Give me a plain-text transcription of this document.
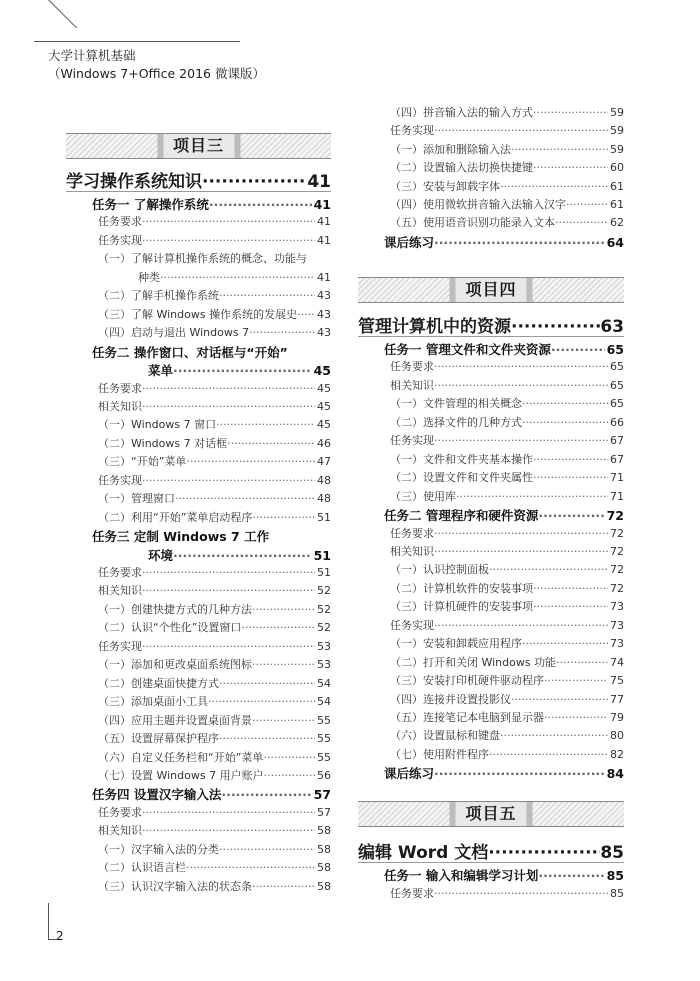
大学计算机基础
（Windows 7+Office 2016 微课版）
项目三
学习操作系统知识 ·····	41
任务一 了解操作系统 ·····	41
任务要求 ·····	41
任务实现 ·····	41
（一）了解计算机操作系统的概念、功能与
种类 ·····	41
（二）了解手机操作系统 ·····	43
（三）了解 Windows 操作系统的发展史 ····· 43
（四）启动与退出 Windows 7 ·····	43
任务二 操作窗口、对话框与“开始”
菜单 ·····	45
任务要求 ·····	45
相关知识 ·····	45
（一）Windows 7 窗口 ·····	45
（二）Windows 7 对话框 ·····	46
（三）“开始”菜单 ·····	47
任务实现 ·····	48
（一）管理窗口 ·····	48
（二）利用“开始”菜单启动程序 ·····	51
任务三 定制 Windows 7 工作
环境 ·····	51
任务要求 ·····	51
相关知识 ·····	52
（一）创建快捷方式的几种方法 ·····	52
（二）认识“个性化”设置窗口 ·····	52
任务实现 ·····	53
（一）添加和更改桌面系统图标 ·····	53
（二）创建桌面快捷方式 ·····	54
（三）添加桌面小工具 ·····	54
（四）应用主题并设置桌面背景 ·····	55
（五）设置屏幕保护程序 ·····	55
（六）自定义任务栏和“开始”菜单 ·····	55
（七）设置 Windows 7 用户账户 ·····	56
任务四 设置汉字输入法 ·····	57
任务要求 ·····	57
相关知识 ·····	58
（一）汉字输入法的分类 ·····	58
（二）认识语言栏 ·····	58
（三）认识汉字输入法的状态条 ·····	58
（四）拼音输入法的输入方式 ·····	59
任务实现 ·····	59
（一）添加和删除输入法 ·····	59
（二）设置输入法切换快捷键 ·····	60
（三）安装与卸载字体 ·····	61
（四）使用微软拼音输入法输入汉字 ·····	61
（五）使用语音识别功能录入文本 ·····	62
课后练习 ·····	64
项目四
管理计算机中的资源 ·····	63
任务一 管理文件和文件夹资源 ·····	65
任务要求 ·····	65
相关知识 ·····	65
（一）文件管理的相关概念 ·····	65
（二）选择文件的几种方式 ·····	66
任务实现 ·····	67
（一）文件和文件夹基本操作 ·····	67
（二）设置文件和文件夹属性 ·····	71
（三）使用库 ·····	71
任务二 管理程序和硬件资源 ·····	72
任务要求 ·····	72
相关知识 ·····	72
（一）认识控制面板 ·····	72
（二）计算机软件的安装事项 ·····	72
（三）计算机硬件的安装事项 ·····	73
任务实现 ·····	73
（一）安装和卸载应用程序 ·····	73
（二）打开和关闭 Windows 功能 ·····	74
（三）安装打印机硬件驱动程序 ·····	75
（四）连接并设置投影仪 ·····	77
（五）连接笔记本电脑到显示器 ·····	79
（六）设置鼠标和键盘 ·····	80
（七）使用附件程序 ·····	82
课后练习 ·····	84
项目五
编辑 Word 文档 ·····	85
任务一 输入和编辑学习计划 ·····	85
任务要求 ·····	85
2
